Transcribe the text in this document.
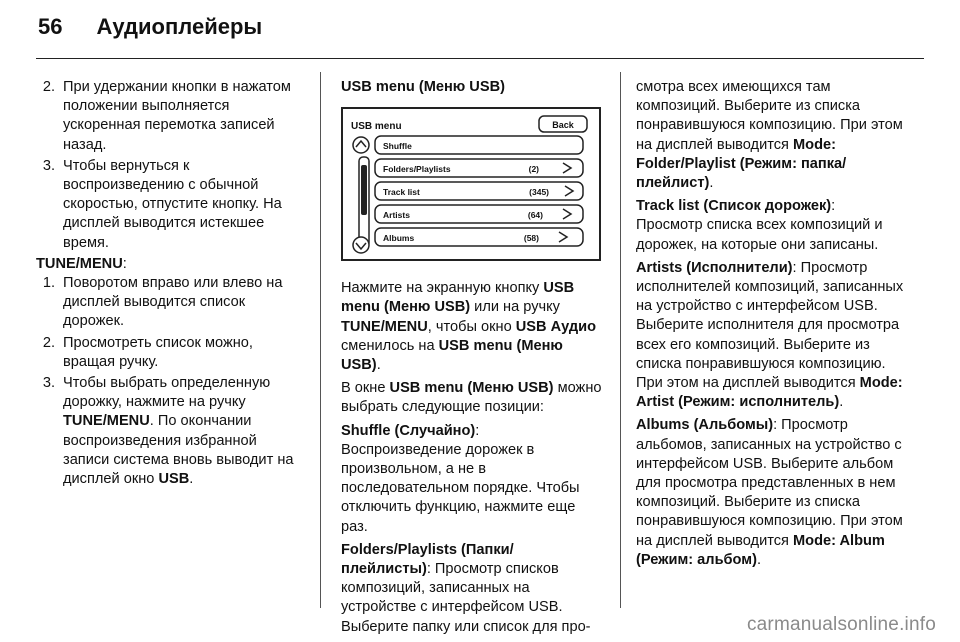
56 Аудиоплейеры
2. При удержании кнопки в нажатом положении выполняется ускоренная перемотка записей назад.
3. Чтобы вернуться к воспроизведению с обычной скоростью, отпустите кнопку. На дисплей выводится истекшее время.
TUNE/MENU:
1. Поворотом вправо или влево на дисплей выводится список дорожек.
2. Просмотреть список можно, вращая ручку.
3. Чтобы выбрать определенную дорожку, нажмите на ручку TUNE/MENU. По окончании воспроизведения избранной записи система вновь выводит на дисплей окно USB.
USB menu (Меню USB)
USB menu	Back
Shuffle
Folders/Playlists	(2)
Track list	(345)
Artists	(64)
Albums	(58)

Нажмите на экранную кнопку USB menu (Меню USB) или на ручку TUNE/MENU, чтобы окно USB Аудио сменилось на USB menu (Меню USB).

В окне USB menu (Меню USB) можно выбрать следующие позиции:

Shuffle (Случайно): Воспроизведение дорожек в произвольном, а не в последовательном порядке. Чтобы отключить функцию, нажмите еще раз.

Folders/Playlists (Папки/плейлисты): Просмотр списков композиций, записанных на устройстве с интерфейсом USB. Выберите папку или список для про-

смотра всех имеющихся там композиций. Выберите из списка понравившуюся композицию. При этом на дисплей выводится Mode: Folder/Playlist (Режим: папка/плейлист).

Track list (Список дорожек): Просмотр списка всех композиций и дорожек, на которые они записаны.

Artists (Исполнители): Просмотр исполнителей композиций, записанных на устройство с интерфейсом USB. Выберите исполнителя для просмотра всех его композиций. Выберите из списка понравившуюся композицию. При этом на дисплей выводится Mode: Artist (Режим: исполнитель).

Albums (Альбомы): Просмотр альбомов, записанных на устройство с интерфейсом USB. Выберите альбом для просмотра представленных в нем композиций. Выберите из списка понравившуюся композицию. При этом на дисплей выводится Mode: Album (Режим: альбом).

carmanualsonline.info
